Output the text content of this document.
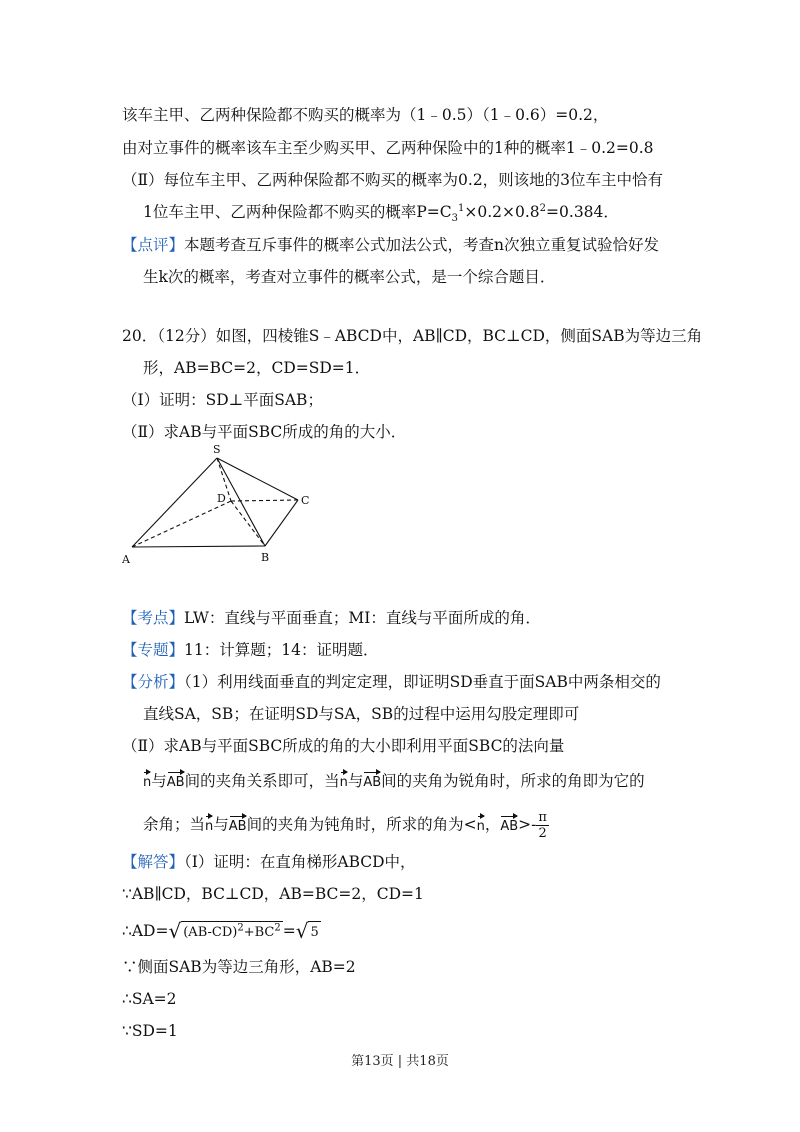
该车主甲、乙两种保险都不购买的概率为（1﹣0.5）（1﹣0.6）=0.2，
由对立事件的概率该车主至少购买甲、乙两种保险中的1种的概率1﹣0.2=0.8
（Ⅱ）每位车主甲、乙两种保险都不购买的概率为0.2，则该地的3位车主中恰有
1位车主甲、乙两种保险都不购买的概率$P=C_3^1\times 0.2\times 0.8^2=0.384$．
【点评】本题考查互斥事件的概率公式加法公式，考查n次独立重复试验恰好发
生k次的概率，考查对立事件的概率公式，是一个综合题目．
20．（12分）如图，四棱锥S﹣ABCD中，AB∥CD，BC⊥CD，侧面SAB为等边三角
形，AB=BC=2，CD=SD=1．
（Ⅰ）证明：SD⊥平面SAB；
（Ⅱ）求AB与平面SBC所成的角的大小．
S
D	C
A	B
【考点】LW：直线与平面垂直；MI：直线与平面所成的角．
【专题】11：计算题；14：证明题．
【分析】（1）利用线面垂直的判定定理，即证明SD垂直于面SAB中两条相交的
直线SA，SB；在证明SD与SA，SB的过程中运用勾股定理即可
（Ⅱ）求AB与平面SBC所成的角的大小即利用平面SBC的法向量
n与AB间的夹角关系即可，当n与AB间的夹角为锐角时，所求的角即为它的
余角；当n与AB间的夹角为钝角时，所求的角为<n，$AB>- \frac{\pi}{2}$
【解答】（Ⅰ）证明：在直角梯形ABCD中，
∵AB∥CD，BC⊥CD，AB=BC=2，CD=1
∴AD=√ $(AB-CD)^2+BC^2$ =√ 5
∵侧面SAB为等边三角形，AB=2
∴SA=2
∵SD=1
第13页 | 共18页
